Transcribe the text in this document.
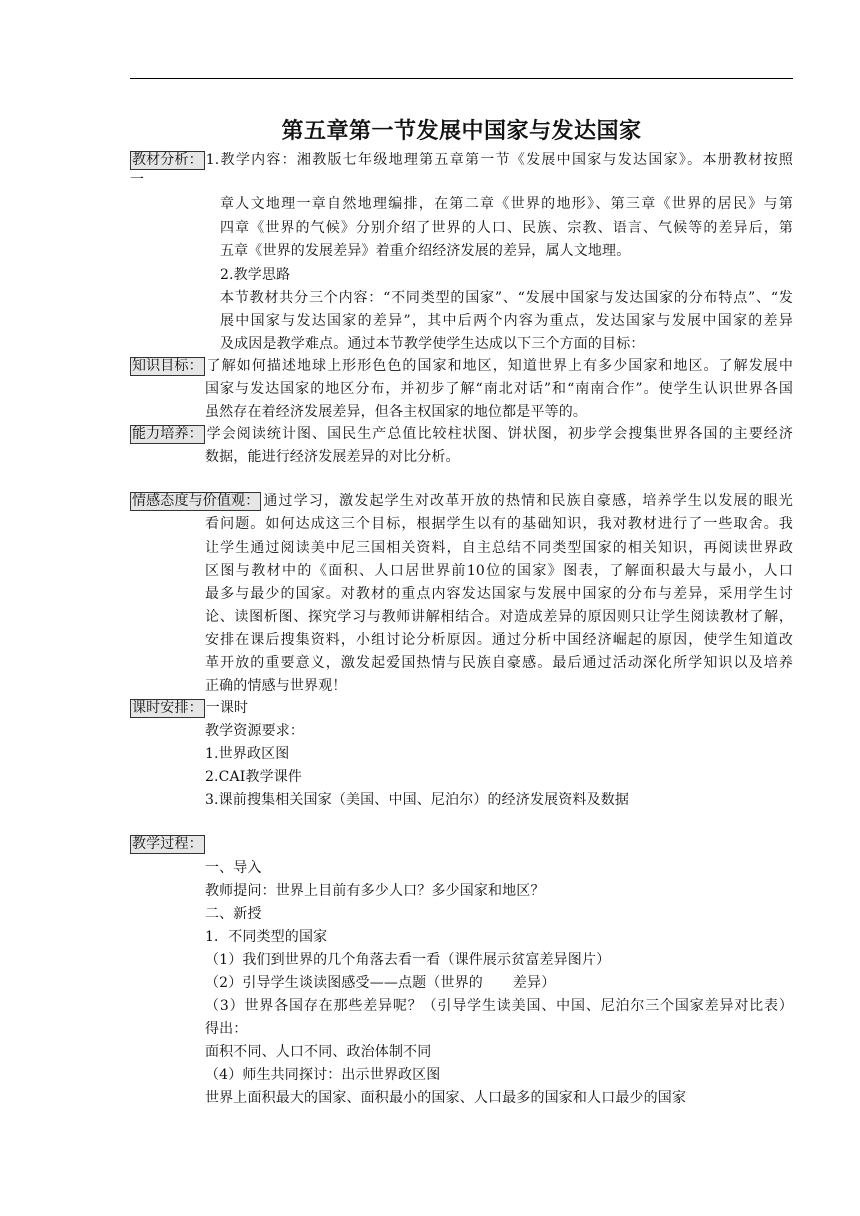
第五章第一节发展中国家与发达国家
教材分析： 1.教学内容：湘教版七年级地理第五章第一节《发展中国家与发达国家》。本册教材按照
一
章人文地理一章自然地理编排，在第二章《世界的地形》、第三章《世界的居民》与第
四章《世界的气候》分别介绍了世界的人口、民族、宗教、语言、气候等的差异后，第
五章《世界的发展差异》着重介绍经济发展的差异，属人文地理。
2.教学思路
本节教材共分三个内容：“不同类型的国家”、“发展中国家与发达国家的分布特点”、“发
展中国家与发达国家的差异”，其中后两个内容为重点，发达国家与发展中国家的差异
及成因是教学难点。通过本节教学使学生达成以下三个方面的目标：
知识目标： 了解如何描述地球上形形色色的国家和地区，知道世界上有多少国家和地区。了解发展中
国家与发达国家的地区分布，并初步了解“南北对话”和“南南合作”。使学生认识世界各国
虽然存在着经济发展差异，但各主权国家的地位都是平等的。
能力培养： 学会阅读统计图、国民生产总值比较柱状图、饼状图，初步学会搜集世界各国的主要经济
数据，能进行经济发展差异的对比分析。
情感态度与价值观： 通过学习，激发起学生对改革开放的热情和民族自豪感，培养学生以发展的眼光
看问题。如何达成这三个目标，根据学生以有的基础知识，我对教材进行了一些取舍。我
让学生通过阅读美中尼三国相关资料，自主总结不同类型国家的相关知识，再阅读世界政
区图与教材中的《面积、人口居世界前10位的国家》图表，了解面积最大与最小，人口
最多与最少的国家。对教材的重点内容发达国家与发展中国家的分布与差异，采用学生讨
论、读图析图、探究学习与教师讲解相结合。对造成差异的原因则只让学生阅读教材了解，
安排在课后搜集资料，小组讨论分析原因。通过分析中国经济崛起的原因，使学生知道改
革开放的重要意义，激发起爱国热情与民族自豪感。最后通过活动深化所学知识以及培养
正确的情感与世界观！
课时安排： 一课时
教学资源要求：
1.世界政区图
2.CAI教学课件
3.课前搜集相关国家（美国、中国、尼泊尔）的经济发展资料及数据
教学过程：
一、导入
教师提问：世界上目前有多少人口？多少国家和地区？
二、新授
1．不同类型的国家
（1）我们到世界的几个角落去看一看（课件展示贫富差异图片）
（2）引导学生谈读图感受——点题（世界的 差异）
（3）世界各国存在那些差异呢？（引导学生读美国、中国、尼泊尔三个国家差异对比表）
得出：
面积不同、人口不同、政治体制不同
（4）师生共同探讨：出示世界政区图
世界上面积最大的国家、面积最小的国家、人口最多的国家和人口最少的国家
